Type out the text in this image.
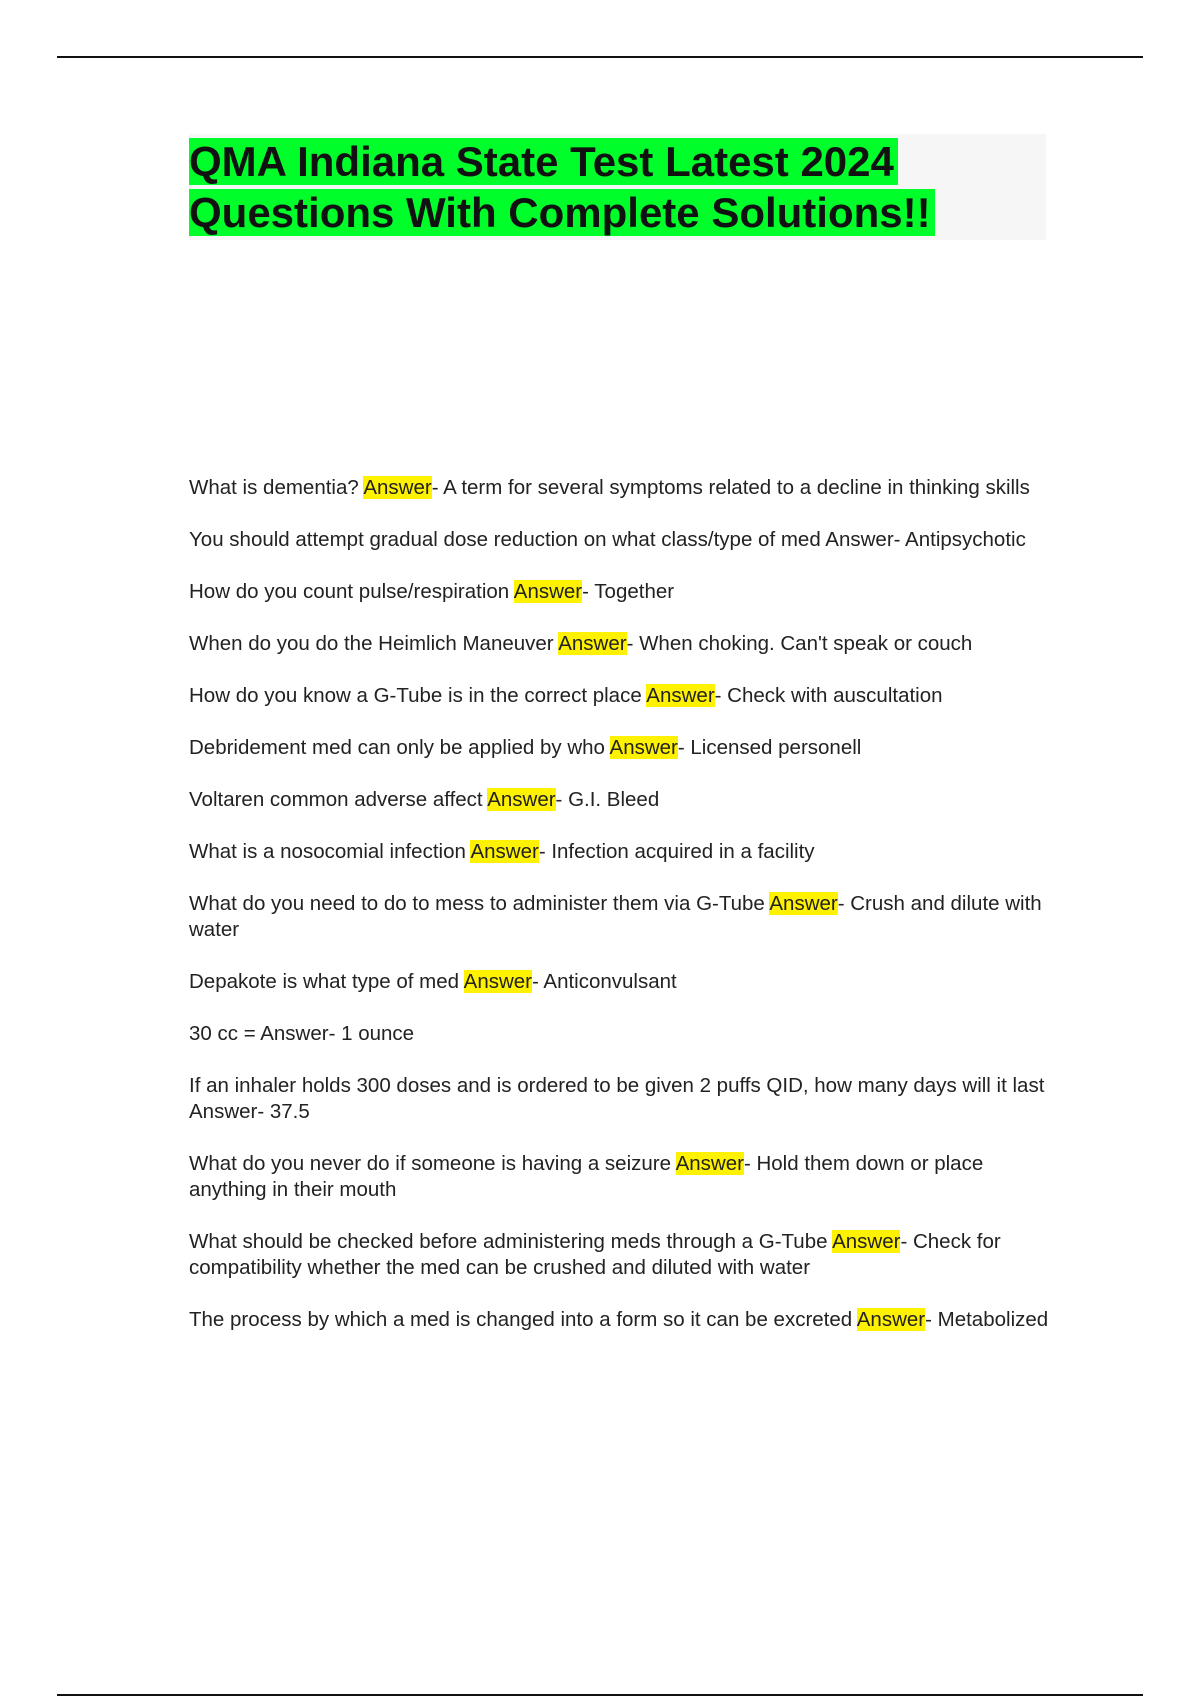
QMA Indiana State Test Latest 2024
Questions With Complete Solutions!!
What is dementia? Answer- A term for several symptoms related to a decline in thinking skills
You should attempt gradual dose reduction on what class/type of med Answer- Antipsychotic
How do you count pulse/respiration Answer- Together
When do you do the Heimlich Maneuver Answer- When choking. Can't speak or couch
How do you know a G-Tube is in the correct place Answer- Check with auscultation
Debridement med can only be applied by who Answer- Licensed personell
Voltaren common adverse affect Answer- G.I. Bleed
What is a nosocomial infection Answer- Infection acquired in a facility
What do you need to do to mess to administer them via G-Tube Answer- Crush and dilute with water
Depakote is what type of med Answer- Anticonvulsant
30 cc = Answer- 1 ounce
If an inhaler holds 300 doses and is ordered to be given 2 puffs QID, how many days will it last Answer- 37.5
What do you never do if someone is having a seizure Answer- Hold them down or place anything in their mouth
What should be checked before administering meds through a G-Tube Answer- Check for compatibility whether the med can be crushed and diluted with water
The process by which a med is changed into a form so it can be excreted Answer- Metabolized
